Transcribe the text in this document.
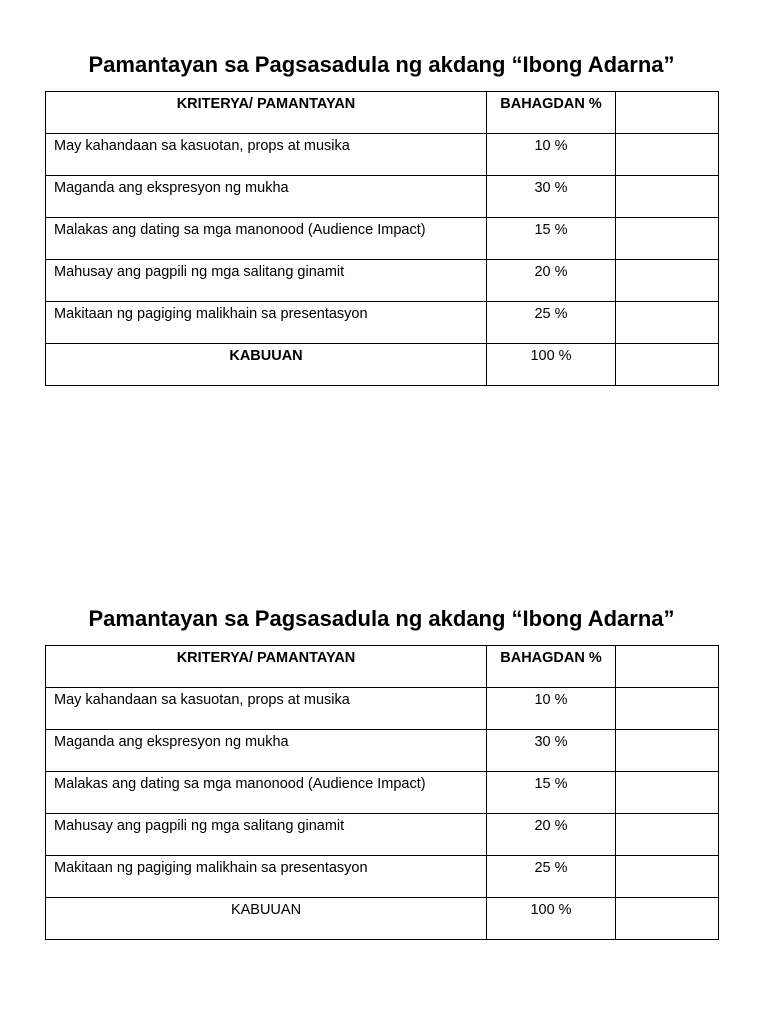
Pamantayan sa Pagsasadula ng akdang “Ibong Adarna”
KRITERYA/ PAMANTAYAN	BAHAGDAN %	
May kahandaan sa kasuotan, props at musika	10 %	
Maganda ang ekspresyon ng mukha	30 %	
Malakas ang dating sa mga manonood (Audience Impact)	15 %	
Mahusay ang pagpili ng mga salitang ginamit	20 %	
Makitaan ng pagiging malikhain sa presentasyon	25 %	
KABUUAN	100 %	
Pamantayan sa Pagsasadula ng akdang “Ibong Adarna”
KRITERYA/ PAMANTAYAN	BAHAGDAN %	
May kahandaan sa kasuotan, props at musika	10 %	
Maganda ang ekspresyon ng mukha	30 %	
Malakas ang dating sa mga manonood (Audience Impact)	15 %	
Mahusay ang pagpili ng mga salitang ginamit	20 %	
Makitaan ng pagiging malikhain sa presentasyon	25 %	
KABUUAN	100 %	
